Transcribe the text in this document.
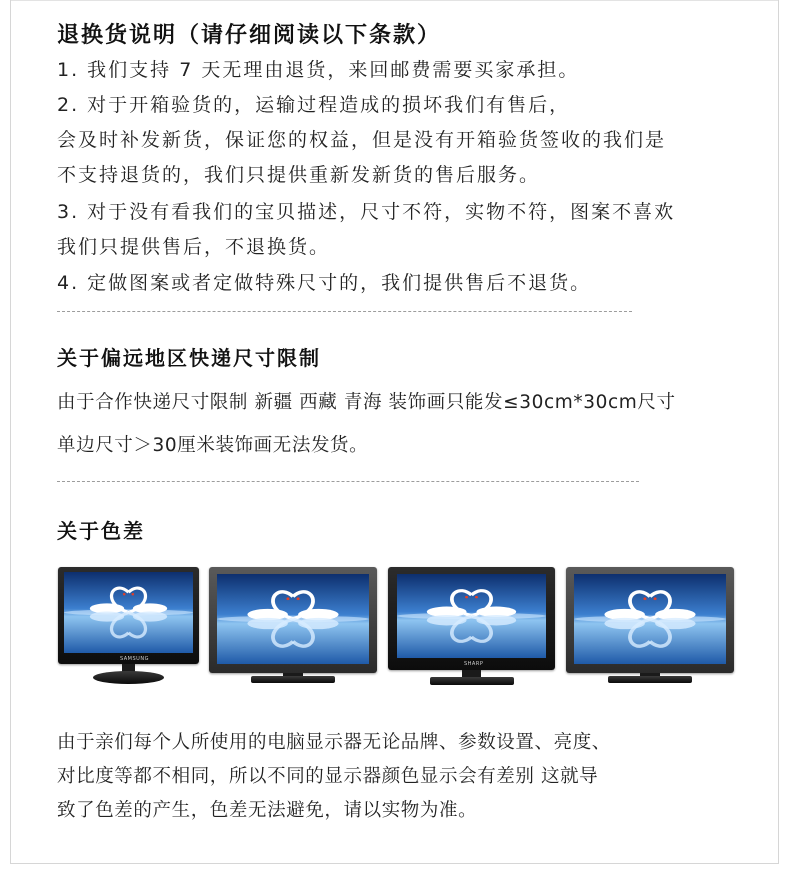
退换货说明（请仔细阅读以下条款）
1. 我们支持 7 天无理由退货，来回邮费需要买家承担。
2. 对于开箱验货的，运输过程造成的损坏我们有售后，
会及时补发新货，保证您的权益，但是没有开箱验货签收的我们是
不支持退货的，我们只提供重新发新货的售后服务。
3. 对于没有看我们的宝贝描述，尺寸不符，实物不符，图案不喜欢
我们只提供售后，不退换货。
4. 定做图案或者定做特殊尺寸的，我们提供售后不退货。
关于偏远地区快递尺寸限制
由于合作快递尺寸限制 新疆 西藏 青海 装饰画只能发≤30cm*30cm尺寸
单边尺寸＞30厘米装饰画无法发货。
关于色差
SAMSUNG
SHARP
由于亲们每个人所使用的电脑显示器无论品牌、参数设置、亮度、
对比度等都不相同，所以不同的显示器颜色显示会有差别 这就导
致了色差的产生，色差无法避免，请以实物为准。
